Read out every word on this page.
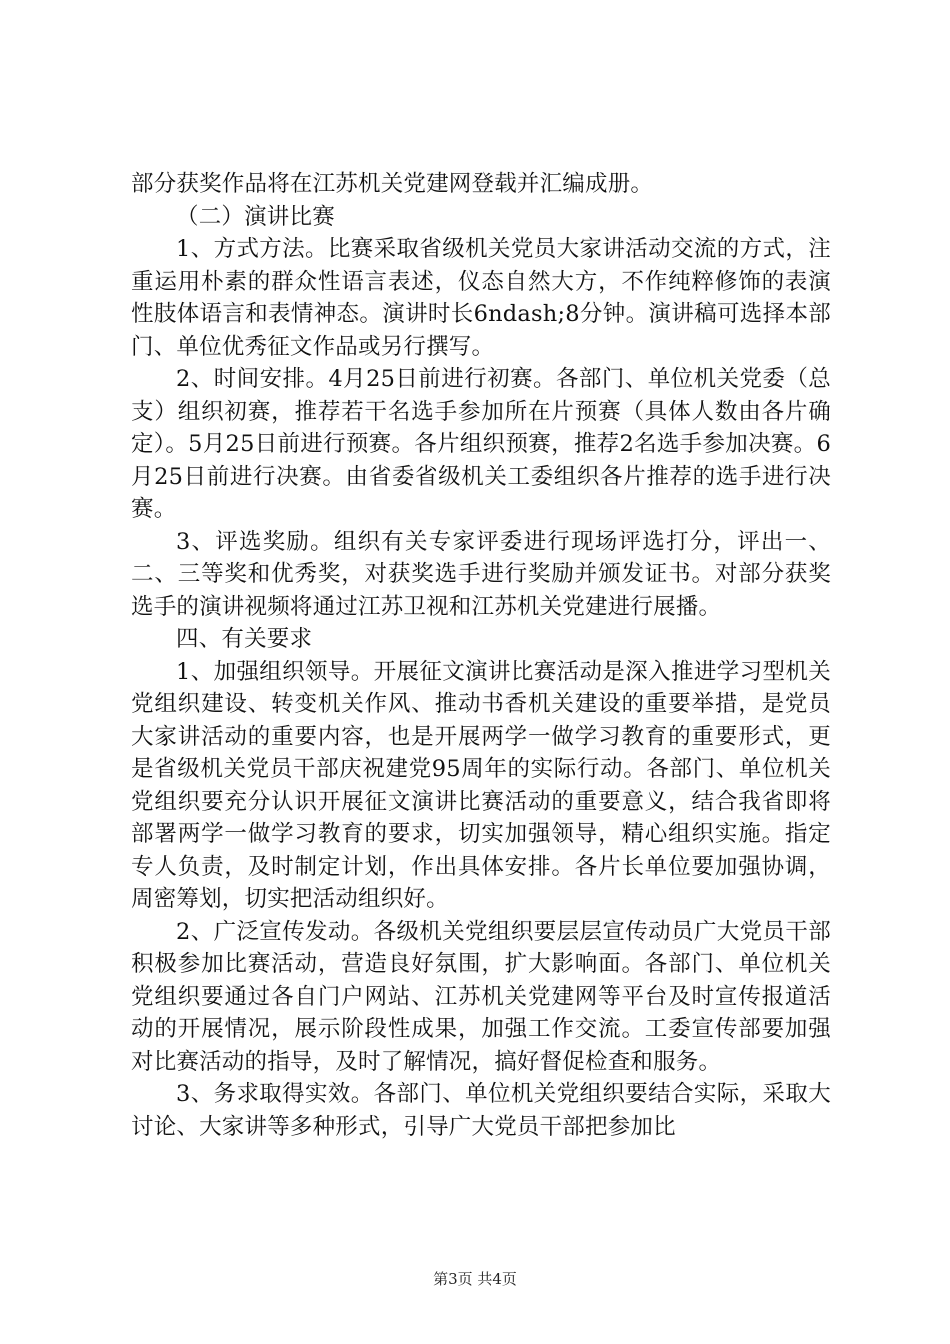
部分获奖作品将在江苏机关党建网登载并汇编成册。

（二）演讲比赛

1、方式方法。比赛采取省级机关党员大家讲活动交流的方式，注重运用朴素的群众性语言表述，仪态自然大方，不作纯粹修饰的表演性肢体语言和表情神态。演讲时长6ndash;8分钟。演讲稿可选择本部门、单位优秀征文作品或另行撰写。

2、时间安排。4月25日前进行初赛。各部门、单位机关党委（总支）组织初赛，推荐若干名选手参加所在片预赛（具体人数由各片确定）。5月25日前进行预赛。各片组织预赛，推荐2名选手参加决赛。6月25日前进行决赛。由省委省级机关工委组织各片推荐的选手进行决赛。

3、评选奖励。组织有关专家评委进行现场评选打分，评出一、二、三等奖和优秀奖，对获奖选手进行奖励并颁发证书。对部分获奖选手的演讲视频将通过江苏卫视和江苏机关党建进行展播。

四、有关要求

1、加强组织领导。开展征文演讲比赛活动是深入推进学习型机关党组织建设、转变机关作风、推动书香机关建设的重要举措，是党员大家讲活动的重要内容，也是开展两学一做学习教育的重要形式，更是省级机关党员干部庆祝建党95周年的实际行动。各部门、单位机关党组织要充分认识开展征文演讲比赛活动的重要意义，结合我省即将部署两学一做学习教育的要求，切实加强领导，精心组织实施。指定专人负责，及时制定计划，作出具体安排。各片长单位要加强协调，周密筹划，切实把活动组织好。

2、广泛宣传发动。各级机关党组织要层层宣传动员广大党员干部积极参加比赛活动，营造良好氛围，扩大影响面。各部门、单位机关党组织要通过各自门户网站、江苏机关党建网等平台及时宣传报道活动的开展情况，展示阶段性成果，加强工作交流。工委宣传部要加强对比赛活动的指导，及时了解情况，搞好督促检查和服务。

3、务求取得实效。各部门、单位机关党组织要结合实际，采取大讨论、大家讲等多种形式，引导广大党员干部把参加比

第3页 共4页
